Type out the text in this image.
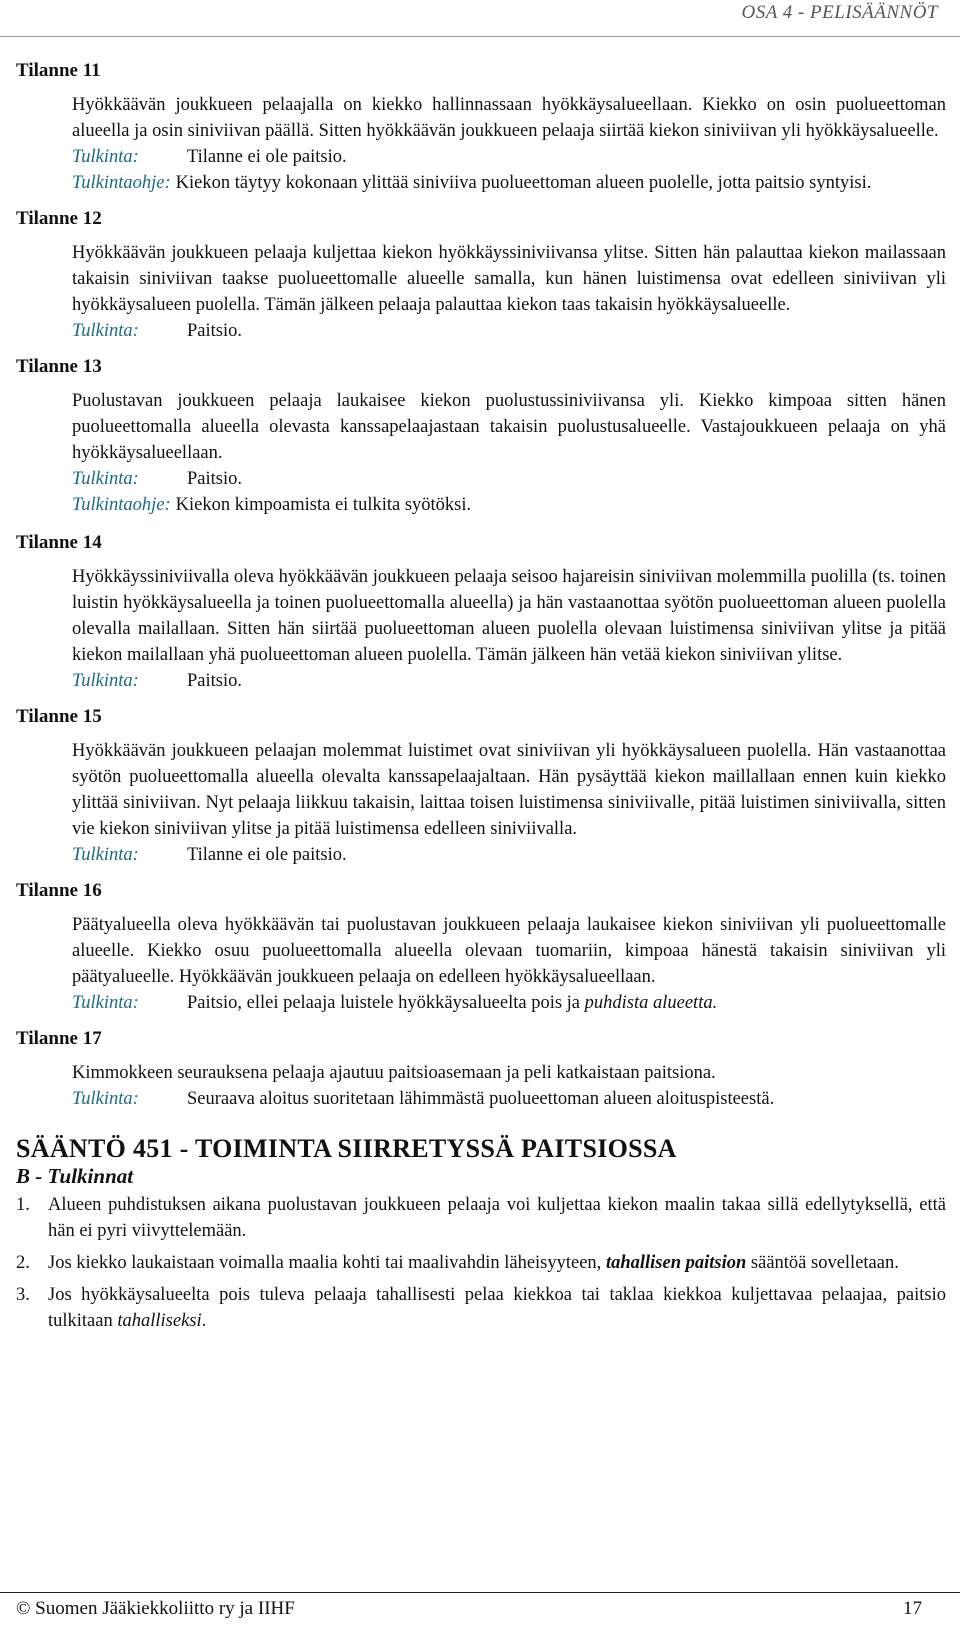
OSA 4 - PELISÄÄNNÖT
Tilanne 11

Hyökkäävän joukkueen pelaajalla on kiekko hallinnassaan hyökkäysalueellaan. Kiekko on osin puolueettoman alueella ja osin siniviivan päällä. Sitten hyökkäävän joukkueen pelaaja siirtää kiekon siniviivan yli hyökkäysalueelle.

Tulkinta:	Tilanne ei ole paitsio.
Tulkintaohje: Kiekon täytyy kokonaan ylittää siniviiva puolueettoman alueen puolelle, jotta paitsio syntyisi.
Tilanne 12

Hyökkäävän joukkueen pelaaja kuljettaa kiekon hyökkäyssiniviivansa ylitse. Sitten hän palauttaa kiekon mailassaan takaisin siniviivan taakse puolueettomalle alueelle samalla, kun hänen luistimensa ovat edelleen siniviivan yli hyökkäysalueen puolella. Tämän jälkeen pelaaja palauttaa kiekon taas takaisin hyökkäysalueelle.

Tulkinta:	Paitsio.
Tilanne 13

Puolustavan joukkueen pelaaja laukaisee kiekon puolustussiniviivansa yli. Kiekko kimpoaa sitten hänen puolueettomalla alueella olevasta kanssapelaajastaan takaisin puolustusalueelle. Vastajoukkueen pelaaja on yhä hyökkäysalueellaan.

Tulkinta:	Paitsio.
Tulkintaohje: Kiekon kimpoamista ei tulkita syötöksi.
Tilanne 14

Hyökkäyssiniviivalla oleva hyökkäävän joukkueen pelaaja seisoo hajareisin siniviivan molemmilla puolilla (ts. toinen luistin hyökkäysalueella ja toinen puolueettomalla alueella) ja hän vastaanottaa syötön puolueettoman alueen puolella olevalla mailallaan. Sitten hän siirtää puolueettoman alueen puolella olevaan luistimensa siniviivan ylitse ja pitää kiekon mailallaan yhä puolueettoman alueen puolella. Tämän jälkeen hän vetää kiekon siniviivan ylitse.

Tulkinta:	Paitsio.
Tilanne 15

Hyökkäävän joukkueen pelaajan molemmat luistimet ovat siniviivan yli hyökkäysalueen puolella. Hän vastaanottaa syötön puolueettomalla alueella olevalta kanssapelaajaltaan. Hän pysäyttää kiekon maillallaan ennen kuin kiekko ylittää siniviivan. Nyt pelaaja liikkuu takaisin, laittaa toisen luistimensa siniviivalle, pitää luistimen siniviivalla, sitten vie kiekon siniviivan ylitse ja pitää luistimensa edelleen siniviivalla.

Tulkinta:	Tilanne ei ole paitsio.
Tilanne 16

Päätyalueella oleva hyökkäävän tai puolustavan joukkueen pelaaja laukaisee kiekon siniviivan yli puolueettomalle alueelle. Kiekko osuu puolueettomalla alueella olevaan tuomariin, kimpoaa hänestä takaisin siniviivan yli päätyalueelle. Hyökkäävän joukkueen pelaaja on edelleen hyökkäysalueellaan.

Tulkinta:	Paitsio, ellei pelaaja luistele hyökkäysalueelta pois ja puhdista alueetta.
Tilanne 17

Kimmokkeen seurauksena pelaaja ajautuu paitsioasemaan ja peli katkaistaan paitsiona.

Tulkinta:	Seuraava aloitus suoritetaan lähimmästä puolueettoman alueen aloituspisteestä.
SÄÄNTÖ 451 - TOIMINTA SIIRRETYSSÄ PAITSIOSSA
B - Tulkinnat
1. Alueen puhdistuksen aikana puolustavan joukkueen pelaaja voi kuljettaa kiekon maalin takaa sillä edellytyksellä, että hän ei pyri viivyttelemään.
2. Jos kiekko laukaistaan voimalla maalia kohti tai maalivahdin läheisyyteen, tahallisen paitsion sääntöä sovelletaan.
3. Jos hyökkäysalueelta pois tuleva pelaaja tahallisesti pelaa kiekkoa tai taklaa kiekkoa kuljettavaa pelaajaa, paitsio tulkitaan tahalliseksi.
© Suomen Jääkiekkoliitto ry ja IIHF	17
